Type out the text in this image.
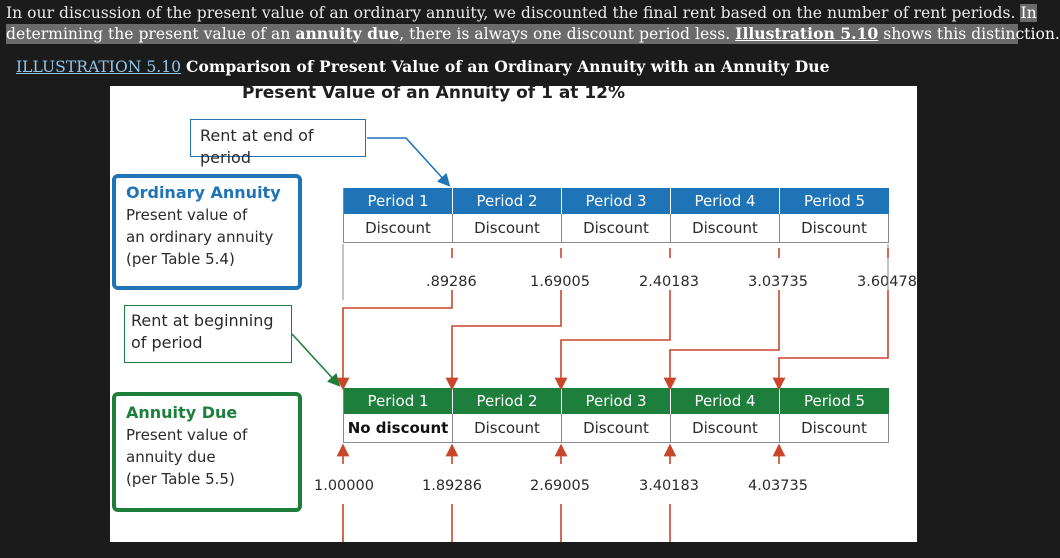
In our discussion of the present value of an ordinary annuity, we discounted the final rent based on the number of rent periods. In
determining the present value of an annuity due, there is always one discount period less. Illustration 5.10 shows this distinction.
ILLUSTRATION 5.10 Comparison of Present Value of an Ordinary Annuity with an Annuity Due
Present Value of an Annuity of 1 at 12%
Rent at end of period
Ordinary Annuity
Present value of
an ordinary annuity
(per Table 5.4)
Rent at beginning
of period
Annuity Due
Present value of
annuity due
(per Table 5.5)
Period 1	Period 2	Period 3	Period 4	Period 5
Discount	Discount	Discount	Discount	Discount
Period 1	Period 2	Period 3	Period 4	Period 5
No discount	Discount	Discount	Discount	Discount
.89286	1.69005	2.40183	3.03735	3.60478
1.00000	1.89286	2.69005	3.40183	4.03735
